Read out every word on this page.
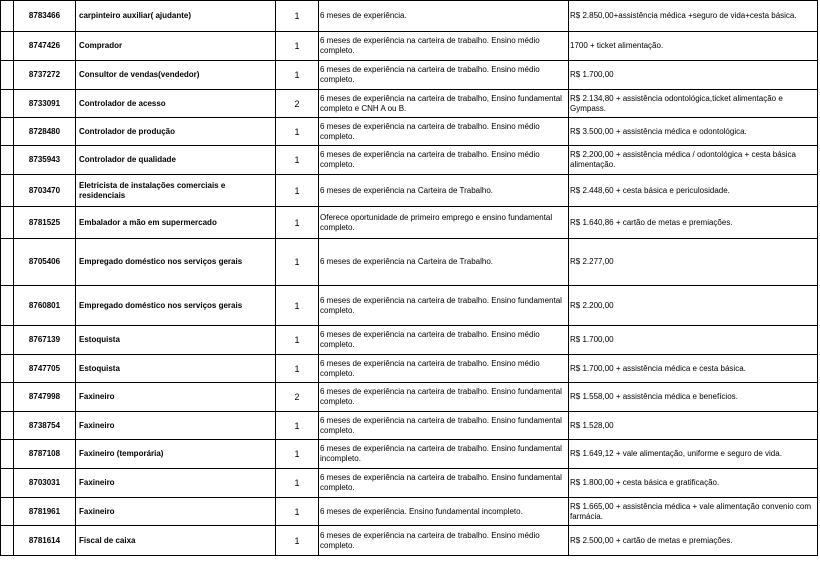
	8783466	carpinteiro auxiliar( ajudante)	1	6 meses de experiência.	R$ 2.850,00+assistência médica +seguro de vida+cesta básica.
	8747426	Comprador	1	6 meses de experiência na carteira de trabalho. Ensino médio completo.	1700 + ticket alimentação.
	8737272	Consultor de vendas(vendedor)	1	6 meses de experiência na carteira de trabalho. Ensino médio completo.	R$ 1.700,00
	8733091	Controlador de acesso	2	6 meses de experiência na carteira de trabalho, Ensino fundamental completo e CNH A ou B.	R$ 2.134,80 + assistência odontológica,ticket alimentação e Gympass.
	8728480	Controlador de produção	1	6 meses de experiência na carteira de trabalho. Ensino médio completo.	R$ 3.500,00 + assistência médica e odontológica.
	8735943	Controlador de qualidade	1	6 meses de experiência na carteira de trabalho. Ensino médio completo.	R$ 2.200,00 + assistência médica / odontológica + cesta básica alimentação.
	8703470	Eletricista de instalações comerciais e residenciais	1	6 meses de experiência na Carteira de Trabalho.	R$ 2.448,60 + cesta básica e periculosidade.
	8781525	Embalador a mão em supermercado	1	Oferece oportunidade de primeiro emprego e ensino fundamental completo.	R$ 1.640,86 + cartão de metas e premiações.
	8705406	Empregado doméstico nos serviços gerais	1	6 meses de experiência na Carteira de Trabalho.	R$ 2.277,00
	8760801	Empregado doméstico nos serviços gerais	1	6 meses de experiência na carteira de trabalho. Ensino fundamental completo.	R$ 2.200,00
	8767139	Estoquista	1	6 meses de experiência na carteira de trabalho. Ensino médio completo.	R$ 1.700,00
	8747705	Estoquista	1	6 meses de experiência na carteira de trabalho. Ensino médio completo.	R$ 1.700,00 + assistência médica e cesta básica.
	8747998	Faxineiro	2	6 meses de experiência na carteira de trabalho. Ensino fundamental completo.	R$ 1.558,00 + assistência médica e benefícios.
	8738754	Faxineiro	1	6 meses de experiência na carteira de trabalho. Ensino fundamental completo.	R$ 1.528,00
	8787108	Faxineiro (temporária)	1	6 meses de experiência na carteira de trabalho. Ensino fundamental incompleto.	R$ 1.649,12 + vale alimentação, uniforme e seguro de vida.
	8703031	Faxineiro	1	6 meses de experiência na carteira de trabalho. Ensino fundamental completo.	R$ 1.800,00 + cesta básica e gratificação.
	8781961	Faxineiro	1	6 meses de experiência. Ensino fundamental incompleto.	R$ 1.665,00 + assistência médica + vale alimentação convenio com farmácia.
	8781614	Fiscal de caixa	1	6 meses de experiência na carteira de trabalho. Ensino médio completo.	R$ 2.500,00 + cartão de metas e premiações.
